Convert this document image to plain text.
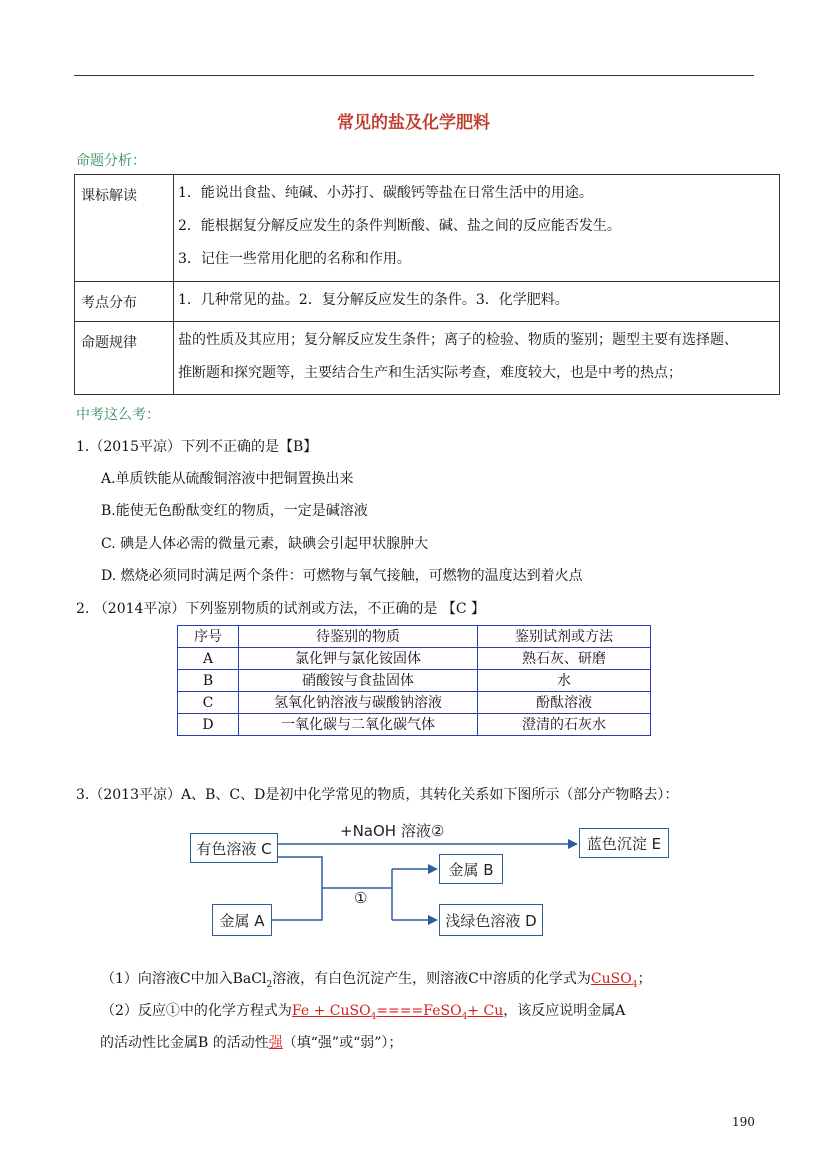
常见的盐及化学肥料
命题分析：
课标解读	1．能说出食盐、纯碱、小苏打、碳酸钙等盐在日常生活中的用途。
2．能根据复分解反应发生的条件判断酸、碱、盐之间的反应能否发生。
3．记住一些常用化肥的名称和作用。

考点分布	1．几种常见的盐。2．复分解反应发生的条件。3．化学肥料。

命题规律	盐的性质及其应用；复分解反应发生条件；离子的检验、物质的鉴别；题型主要有选择题、
推断题和探究题等，主要结合生产和生活实际考查，难度较大，也是中考的热点；
中考这么考：
1.（2015平凉）下列不正确的是【B】
A.单质铁能从硫酸铜溶液中把铜置换出来
B.能使无色酚酞变红的物质，一定是碱溶液
C. 碘是人体必需的微量元素，缺碘会引起甲状腺肿大
D. 燃烧必须同时满足两个条件：可燃物与氧气接触，可燃物的温度达到着火点
2. （2014平凉）下列鉴别物质的试剂或方法，不正确的是 【C 】
序号	待鉴别的物质	鉴别试剂或方法
A	氯化钾与氯化铵固体	熟石灰、研磨
B	硝酸铵与食盐固体	水
C	氢氧化钠溶液与碳酸钠溶液	酚酞溶液
D	一氧化碳与二氧化碳气体	澄清的石灰水
3.（2013平凉）A、B、C、D是初中化学常见的物质，其转化关系如下图所示（部分产物略去）：
有色溶液 C
金属 A
金属 B
浅绿色溶液 D
蓝色沉淀 E
+NaOH 溶液②
①
（1）向溶液C中加入BaCl$_2$溶液，有白色沉淀产生，则溶液C中溶质的化学式为CuSO$_4$；
（2）反应①中的化学方程式为Fe + CuSO$_4$====FeSO$_4$+ Cu，该反应说明金属A
的活动性比金属B 的活动性强（填“强”或“弱”）；
190
